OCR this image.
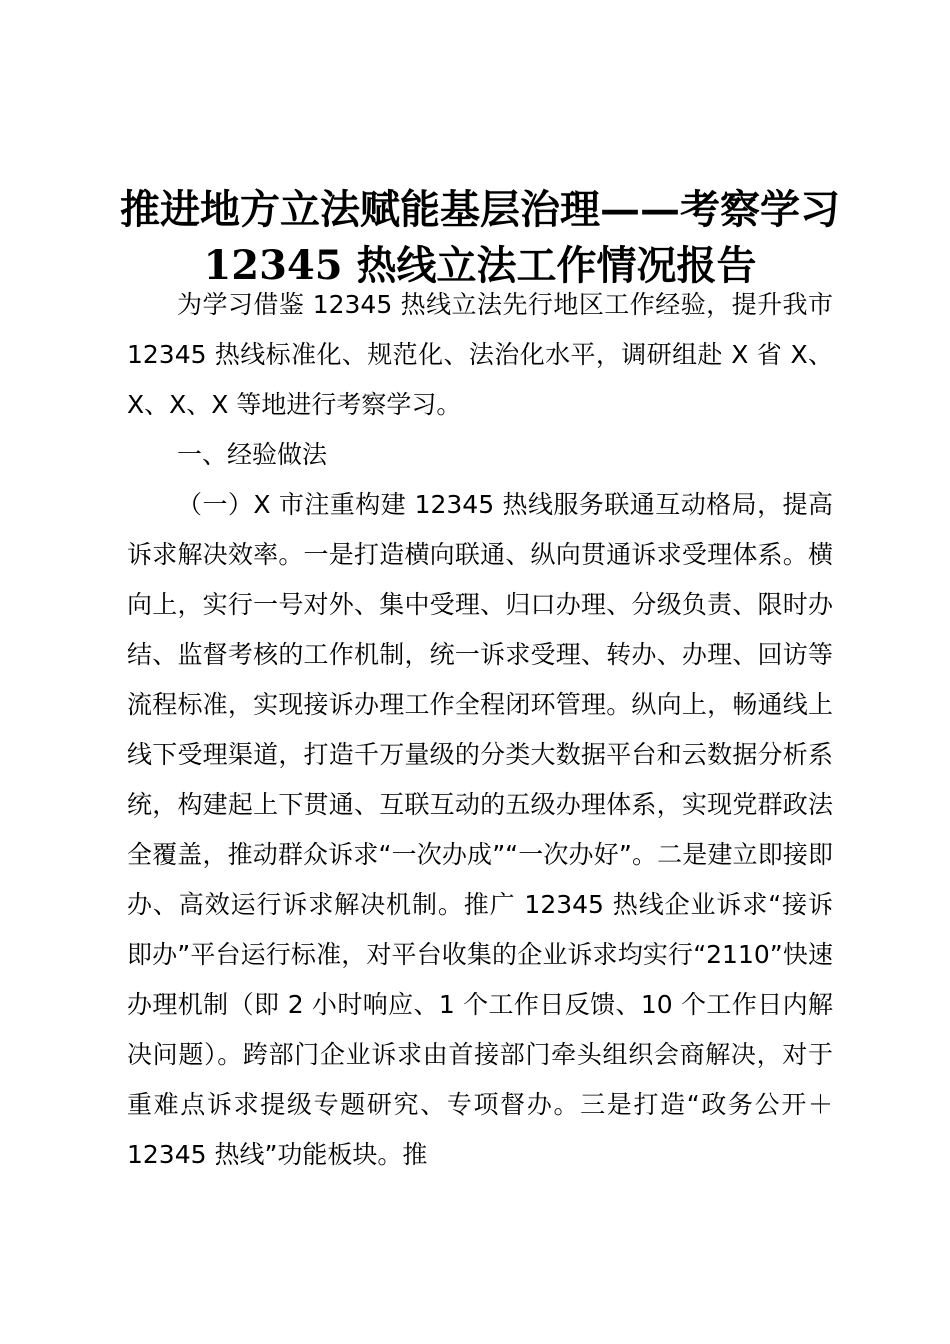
推进地方立法赋能基层治理——考察学习 12345 热线立法工作情况报告

为学习借鉴 12345 热线立法先行地区工作经验，提升我市 12345 热线标准化、规范化、法治化水平，调研组赴 X 省 X、X、X、X 等地进行考察学习。

一、经验做法

（一）X 市注重构建 12345 热线服务联通互动格局，提高诉求解决效率。一是打造横向联通、纵向贯通诉求受理体系。横向上，实行一号对外、集中受理、归口办理、分级负责、限时办结、监督考核的工作机制，统一诉求受理、转办、办理、回访等流程标准，实现接诉办理工作全程闭环管理。纵向上，畅通线上线下受理渠道，打造千万量级的分类大数据平台和云数据分析系统，构建起上下贯通、互联互动的五级办理体系，实现党群政法全覆盖，推动群众诉求“一次办成”“一次办好”。二是建立即接即办、高效运行诉求解决机制。推广 12345 热线企业诉求“接诉即办”平台运行标准，对平台收集的企业诉求均实行“2110”快速办理机制（即 2 小时响应、1 个工作日反馈、10 个工作日内解决问题）。跨部门企业诉求由首接部门牵头组织会商解决，对于重难点诉求提级专题研究、专项督办。三是打造“政务公开＋12345 热线”功能板块。推
